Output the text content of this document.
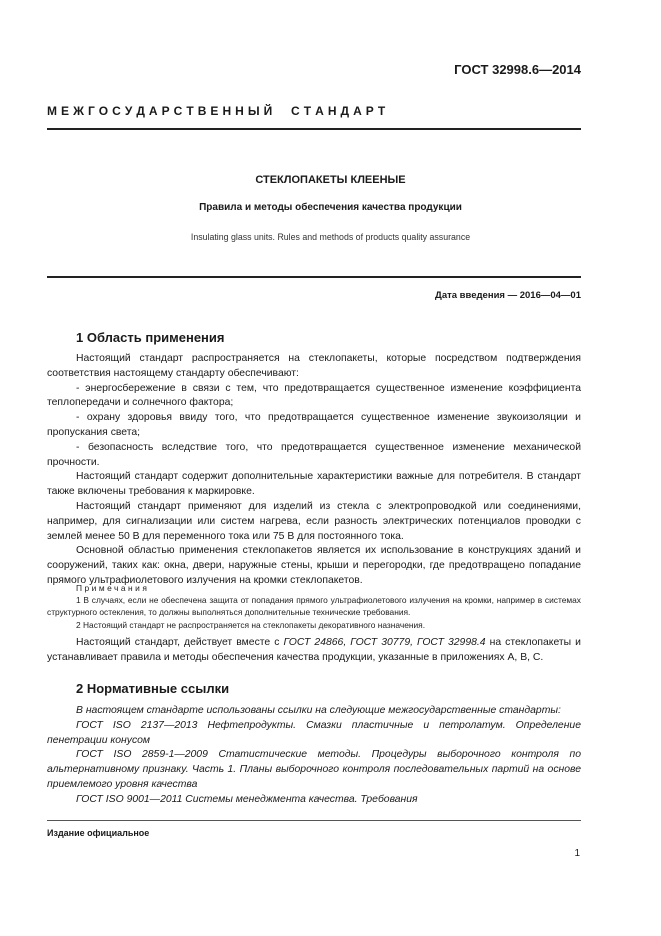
ГОСТ 32998.6—2014
М Е Ж Г О С У Д А Р С Т В Е Н Н Ы Й     С Т А Н Д А Р Т
СТЕКЛОПАКЕТЫ КЛЕЕНЫЕ
Правила и методы обеспечения качества продукции
Insulating glass units. Rules and methods of products quality assurance
Дата введения — 2016—04—01
1 Область применения

Настоящий стандарт распространяется на стеклопакеты, которые посредством подтверждения соответствия настоящему стандарту обеспечивают:

- энергосбережение в связи с тем, что предотвращается существенное изменение коэффициента теплопередачи и солнечного фактора;

- охрану здоровья ввиду того, что предотвращается существенное изменение звукоизоляции и пропускания света;

- безопасность вследствие того, что предотвращается существенное изменение механической прочности.

Настоящий стандарт содержит дополнительные характеристики важные для потребителя. В стандарт также включены требования к маркировке.

Настоящий стандарт применяют для изделий из стекла с электропроводкой или соединениями, например, для сигнализации или систем нагрева, если разность электрических потенциалов проводки с землей менее 50 В для переменного тока или 75 В для постоянного тока.

Основной областью применения стеклопакетов является их использование в конструкциях зданий и сооружений, таких как: окна, двери, наружные стены, крыши и перегородки, где предотвращено попадание прямого ультрафиолетового излучения на кромки стеклопакетов.

Примечания

1 В случаях, если не обеспечена защита от попадания прямого ультрафиолетового излучения на кромки, например в системах структурного остекления, то должны выполняться дополнительные технические требования.

2 Настоящий стандарт не распространяется на стеклопакеты декоративного назначения.

Настоящий стандарт, действует вместе с ГОСТ 24866, ГОСТ 30779, ГОСТ 32998.4 на стеклопакеты и устанавливает правила и методы обеспечения качества продукции, указанные в приложениях А, В, С.

2 Нормативные ссылки

В настоящем стандарте использованы ссылки на следующие межгосударственные стандарты:

ГОСТ ISO 2137—2013 Нефтепродукты. Смазки пластичные и петролатум. Определение пенетрации конусом

ГОСТ ISO 2859-1—2009 Статистические методы. Процедуры выборочного контроля по альтернативному признаку. Часть 1. Планы выборочного контроля последовательных партий на основе приемлемого уровня качества

ГОСТ ISO 9001—2011 Системы менеджмента качества. Требования

Издание официальное
1
